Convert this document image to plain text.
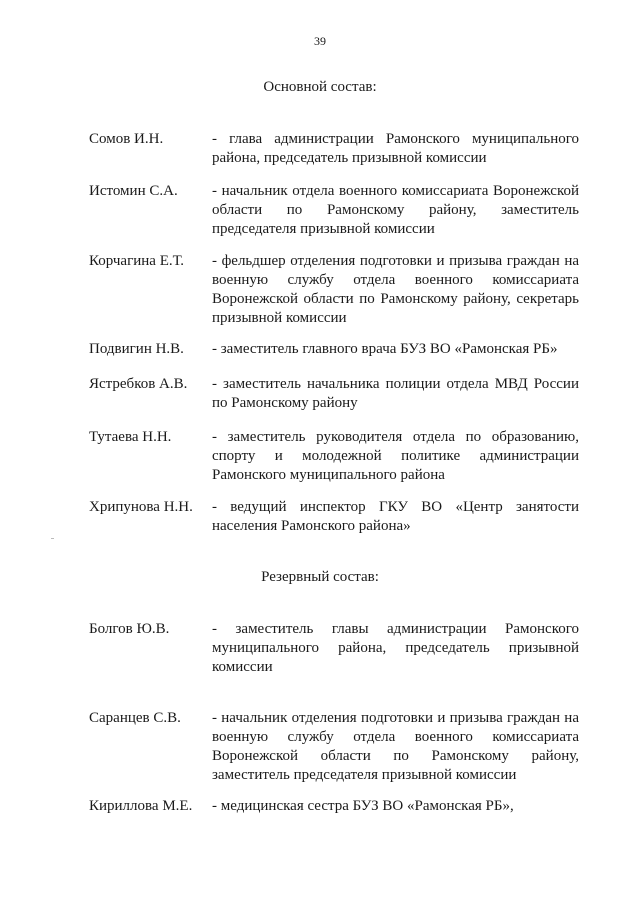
39
Основной состав:
Сомов И.Н.	- глава администрации Рамонского муниципального района, председатель призывной комиссии
Истомин С.А. - начальник отдела военного комиссариата Воронежской области по Рамонскому району, заместитель председателя призывной комиссии
Корчагина Е.Т. - фельдшер отделения подготовки и призыва граждан на военную службу отдела военного комиссариата Воронежской области по Рамонскому району, секретарь призывной комиссии
Подвигин Н.В. - заместитель главного врача БУЗ ВО «Рамонская РБ»
Ястребков А.В. - заместитель начальника полиции отдела МВД России по Рамонскому району
Тутаева Н.Н.	- заместитель руководителя отдела по образованию, спорту и молодежной политике администрации Рамонского муниципального района
Хрипунова Н.Н. - ведущий инспектор ГКУ ВО «Центр занятости населения Рамонского района»
Резервный состав:
Болгов Ю.В.	- заместитель главы администрации Рамонского муниципального района, председатель призывной комиссии
Саранцев С.В. - начальник отделения подготовки и призыва граждан на военную службу отдела военного комиссариата Воронежской области по Рамонскому району, заместитель председателя призывной комиссии
Кириллова М.Е. - медицинская сестра БУЗ ВО «Рамонская РБ»,
